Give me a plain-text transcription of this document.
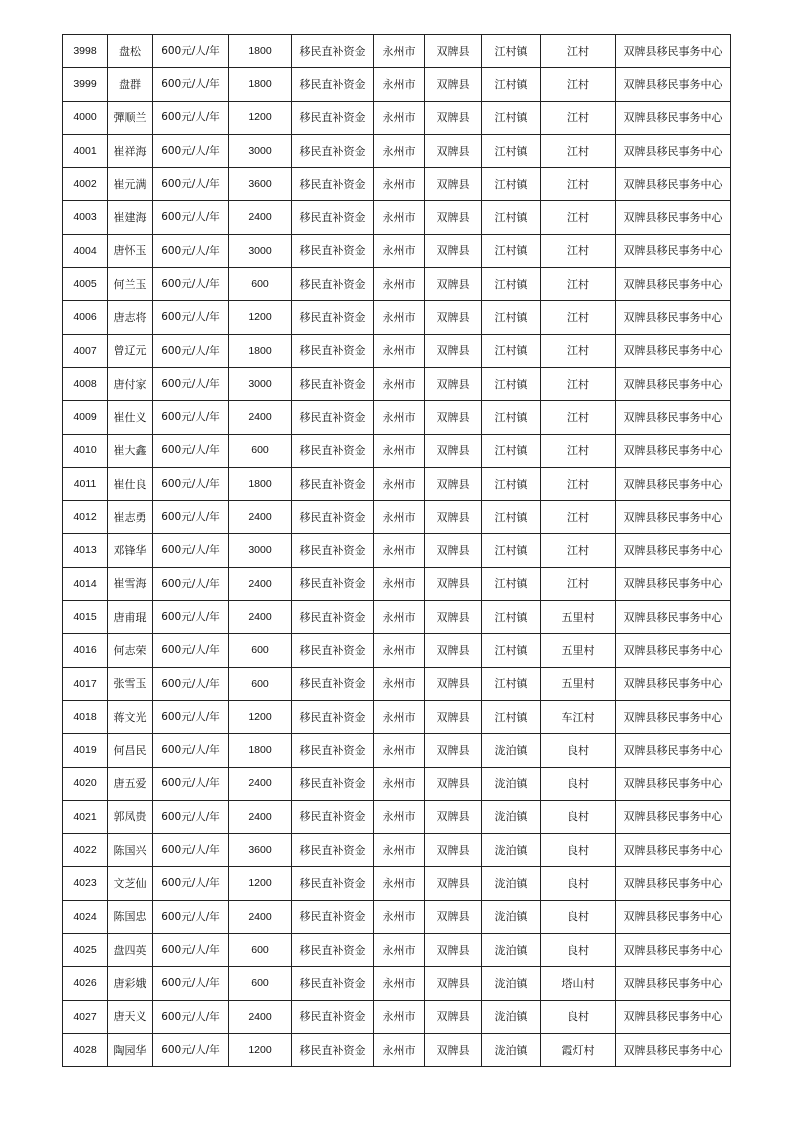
3998	盘松	600元/人/年	1800	移民直补资金	永州市	双牌县	江村镇	江村	双牌县移民事务中心
3999	盘群	600元/人/年	1800	移民直补资金	永州市	双牌县	江村镇	江村	双牌县移民事务中心
4000	彈顺兰	600元/人/年	1200	移民直补资金	永州市	双牌县	江村镇	江村	双牌县移民事务中心
4001	崔祥海	600元/人/年	3000	移民直补资金	永州市	双牌县	江村镇	江村	双牌县移民事务中心
4002	崔元满	600元/人/年	3600	移民直补资金	永州市	双牌县	江村镇	江村	双牌县移民事务中心
4003	崔建海	600元/人/年	2400	移民直补资金	永州市	双牌县	江村镇	江村	双牌县移民事务中心
4004	唐怀玉	600元/人/年	3000	移民直补资金	永州市	双牌县	江村镇	江村	双牌县移民事务中心
4005	何兰玉	600元/人/年	600	移民直补资金	永州市	双牌县	江村镇	江村	双牌县移民事务中心
4006	唐志将	600元/人/年	1200	移民直补资金	永州市	双牌县	江村镇	江村	双牌县移民事务中心
4007	曾辽元	600元/人/年	1800	移民直补资金	永州市	双牌县	江村镇	江村	双牌县移民事务中心
4008	唐付家	600元/人/年	3000	移民直补资金	永州市	双牌县	江村镇	江村	双牌县移民事务中心
4009	崔仕义	600元/人/年	2400	移民直补资金	永州市	双牌县	江村镇	江村	双牌县移民事务中心
4010	崔大鑫	600元/人/年	600	移民直补资金	永州市	双牌县	江村镇	江村	双牌县移民事务中心
4011	崔仕良	600元/人/年	1800	移民直补资金	永州市	双牌县	江村镇	江村	双牌县移民事务中心
4012	崔志勇	600元/人/年	2400	移民直补资金	永州市	双牌县	江村镇	江村	双牌县移民事务中心
4013	邓锋华	600元/人/年	3000	移民直补资金	永州市	双牌县	江村镇	江村	双牌县移民事务中心
4014	崔雪海	600元/人/年	2400	移民直补资金	永州市	双牌县	江村镇	江村	双牌县移民事务中心
4015	唐甫琨	600元/人/年	2400	移民直补资金	永州市	双牌县	江村镇	五里村	双牌县移民事务中心
4016	何志荣	600元/人/年	600	移民直补资金	永州市	双牌县	江村镇	五里村	双牌县移民事务中心
4017	张雪玉	600元/人/年	600	移民直补资金	永州市	双牌县	江村镇	五里村	双牌县移民事务中心
4018	蒋文光	600元/人/年	1200	移民直补资金	永州市	双牌县	江村镇	车江村	双牌县移民事务中心
4019	何昌民	600元/人/年	1800	移民直补资金	永州市	双牌县	泷泊镇	良村	双牌县移民事务中心
4020	唐五爱	600元/人/年	2400	移民直补资金	永州市	双牌县	泷泊镇	良村	双牌县移民事务中心
4021	郭凤贵	600元/人/年	2400	移民直补资金	永州市	双牌县	泷泊镇	良村	双牌县移民事务中心
4022	陈国兴	600元/人/年	3600	移民直补资金	永州市	双牌县	泷泊镇	良村	双牌县移民事务中心
4023	文芝仙	600元/人/年	1200	移民直补资金	永州市	双牌县	泷泊镇	良村	双牌县移民事务中心
4024	陈国忠	600元/人/年	2400	移民直补资金	永州市	双牌县	泷泊镇	良村	双牌县移民事务中心
4025	盘四英	600元/人/年	600	移民直补资金	永州市	双牌县	泷泊镇	良村	双牌县移民事务中心
4026	唐彩娥	600元/人/年	600	移民直补资金	永州市	双牌县	泷泊镇	塔山村	双牌县移民事务中心
4027	唐天义	600元/人/年	2400	移民直补资金	永州市	双牌县	泷泊镇	良村	双牌县移民事务中心
4028	陶园华	600元/人/年	1200	移民直补资金	永州市	双牌县	泷泊镇	霞灯村	双牌县移民事务中心
